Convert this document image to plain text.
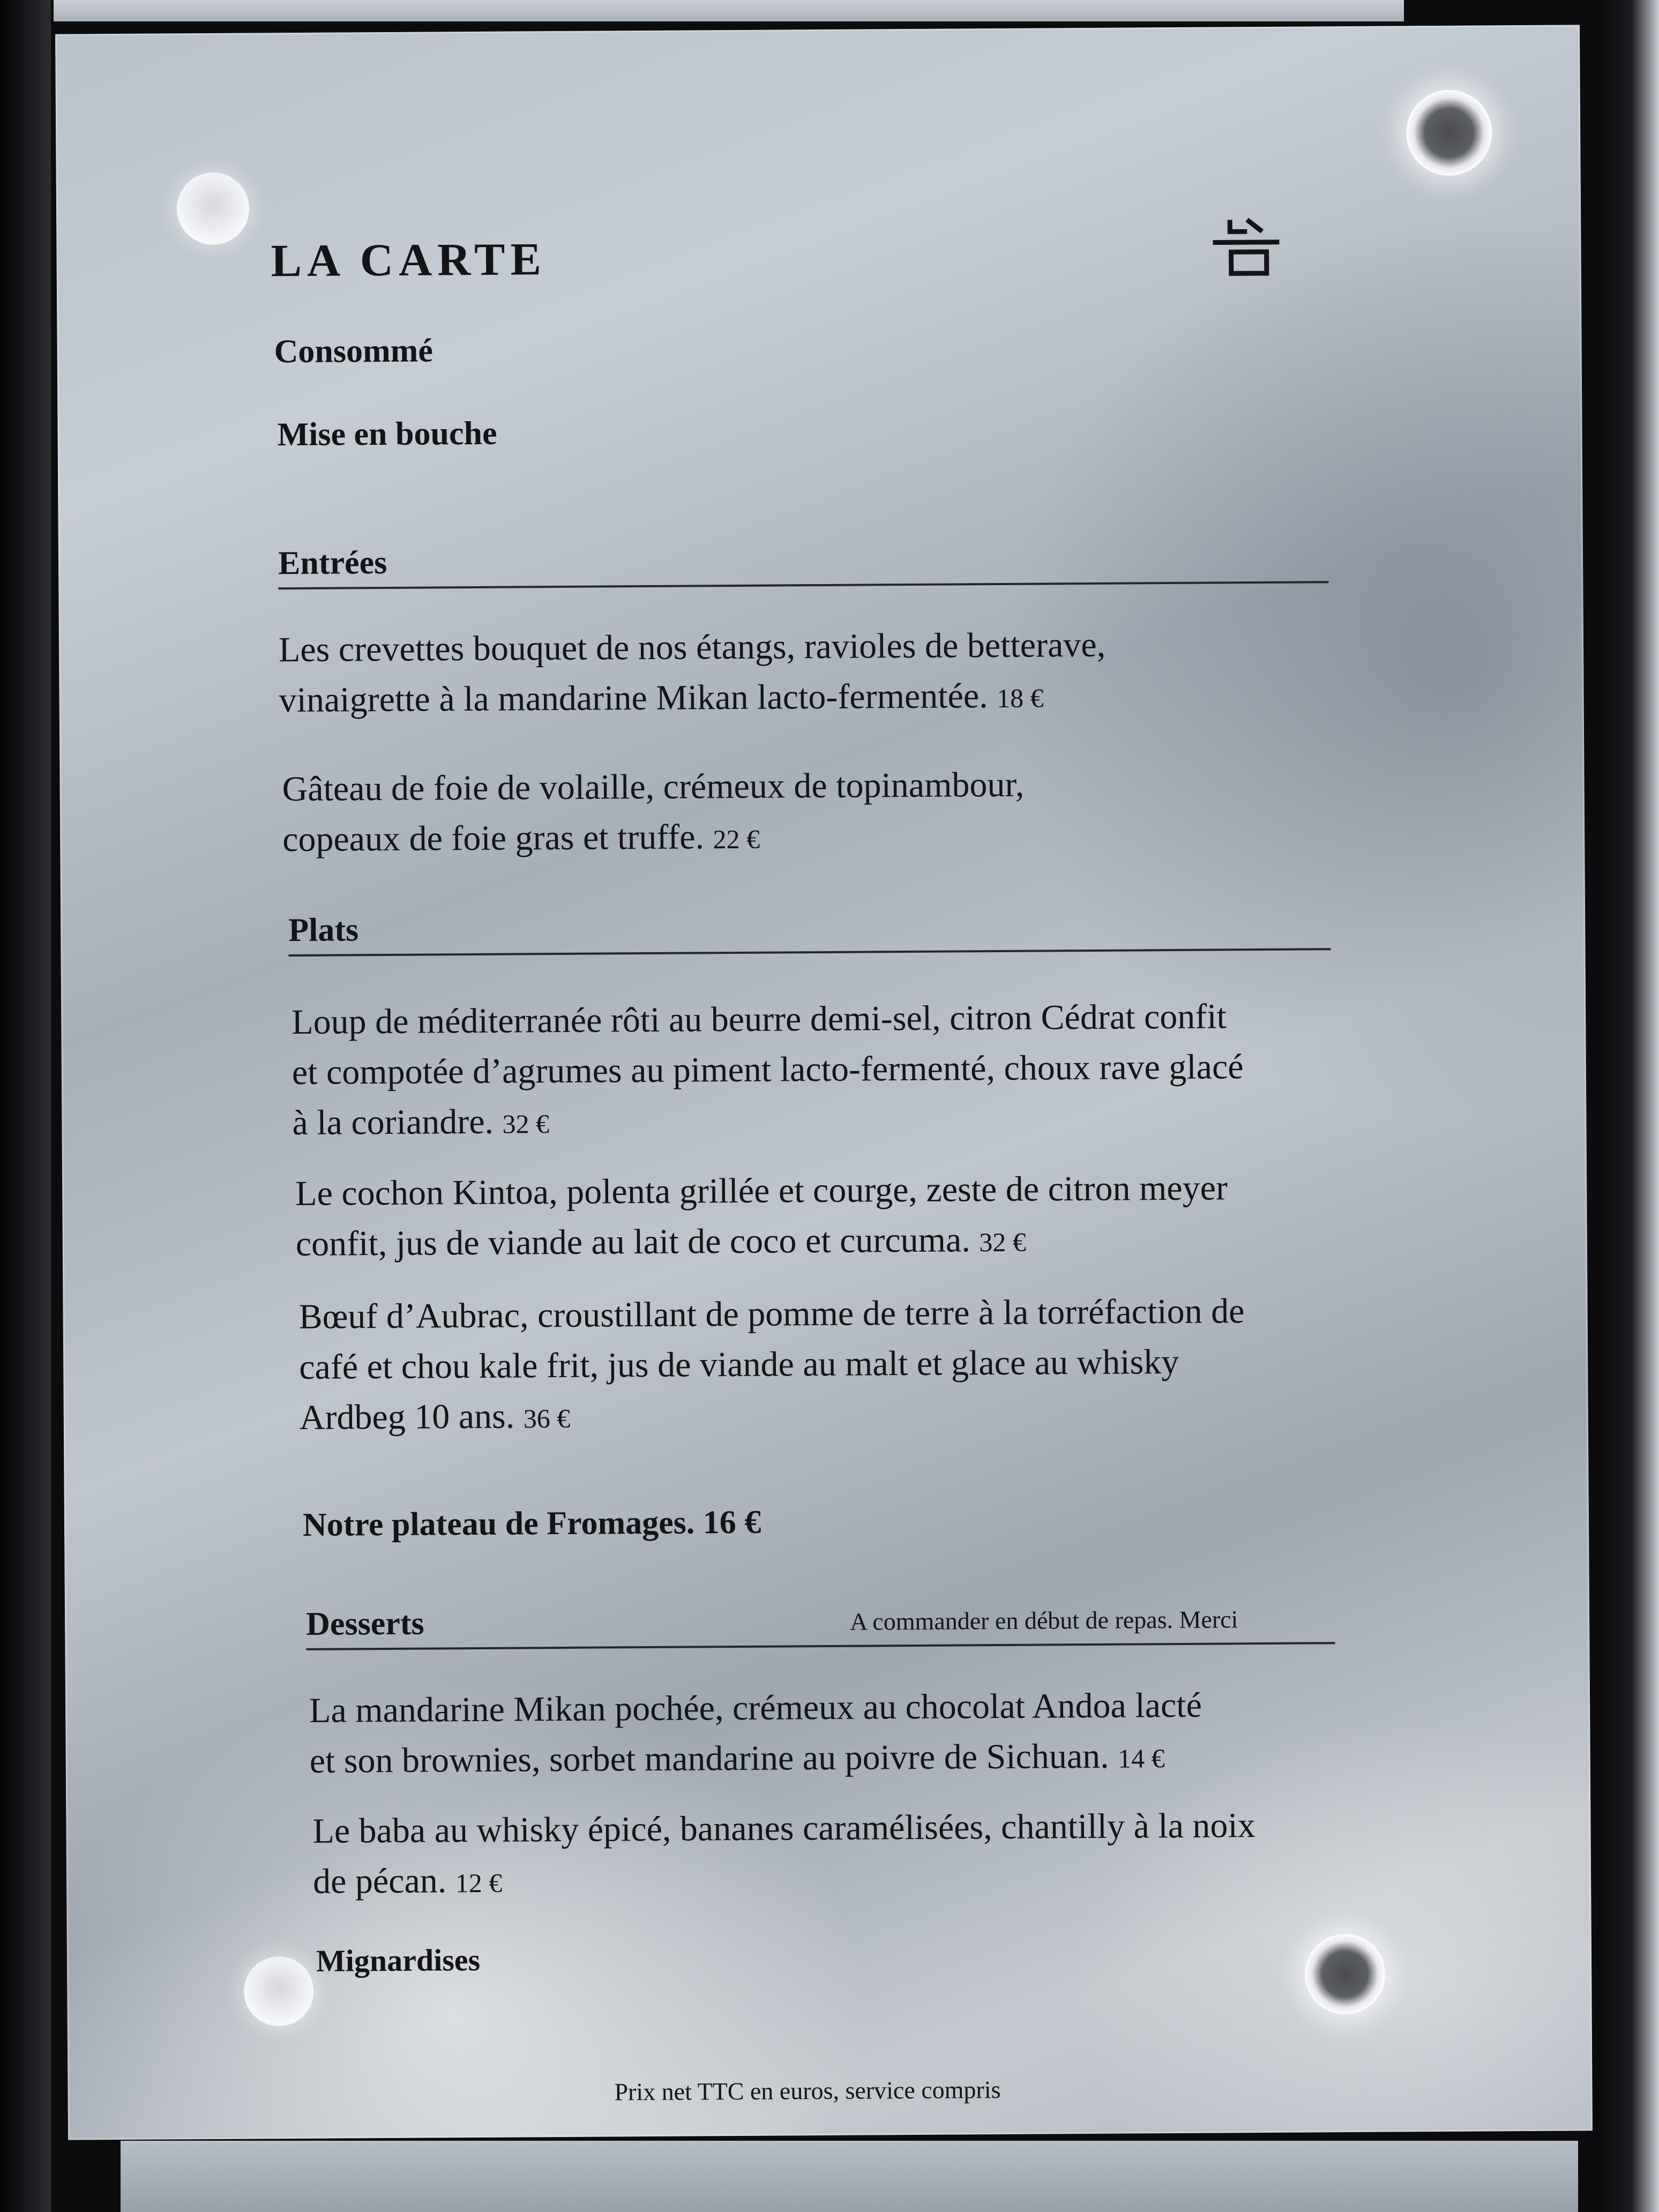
LA CARTE
Consommé
Mise en bouche
Entrées
Les crevettes bouquet de nos étangs, ravioles de betterave,
vinaigrette à la mandarine Mikan lacto-fermentée. 18 €
Gâteau de foie de volaille, crémeux de topinambour,
copeaux de foie gras et truffe. 22 €
Plats
Loup de méditerranée rôti au beurre demi-sel, citron Cédrat confit
et compotée d’agrumes au piment lacto-fermenté, choux rave glacé
à la coriandre. 32 €
Le cochon Kintoa, polenta grillée et courge, zeste de citron meyer
confit, jus de viande au lait de coco et curcuma. 32 €
Bœuf d’Aubrac, croustillant de pomme de terre à la torréfaction de
café et chou kale frit, jus de viande au malt et glace au whisky
Ardbeg 10 ans. 36 €
Notre plateau de Fromages. 16 €
Desserts	A commander en début de repas. Merci
La mandarine Mikan pochée, crémeux au chocolat Andoa lacté
et son brownies, sorbet mandarine au poivre de Sichuan. 14 €
Le baba au whisky épicé, bananes caramélisées, chantilly à la noix
de pécan. 12 €
Mignardises
Prix net TTC en euros, service compris
